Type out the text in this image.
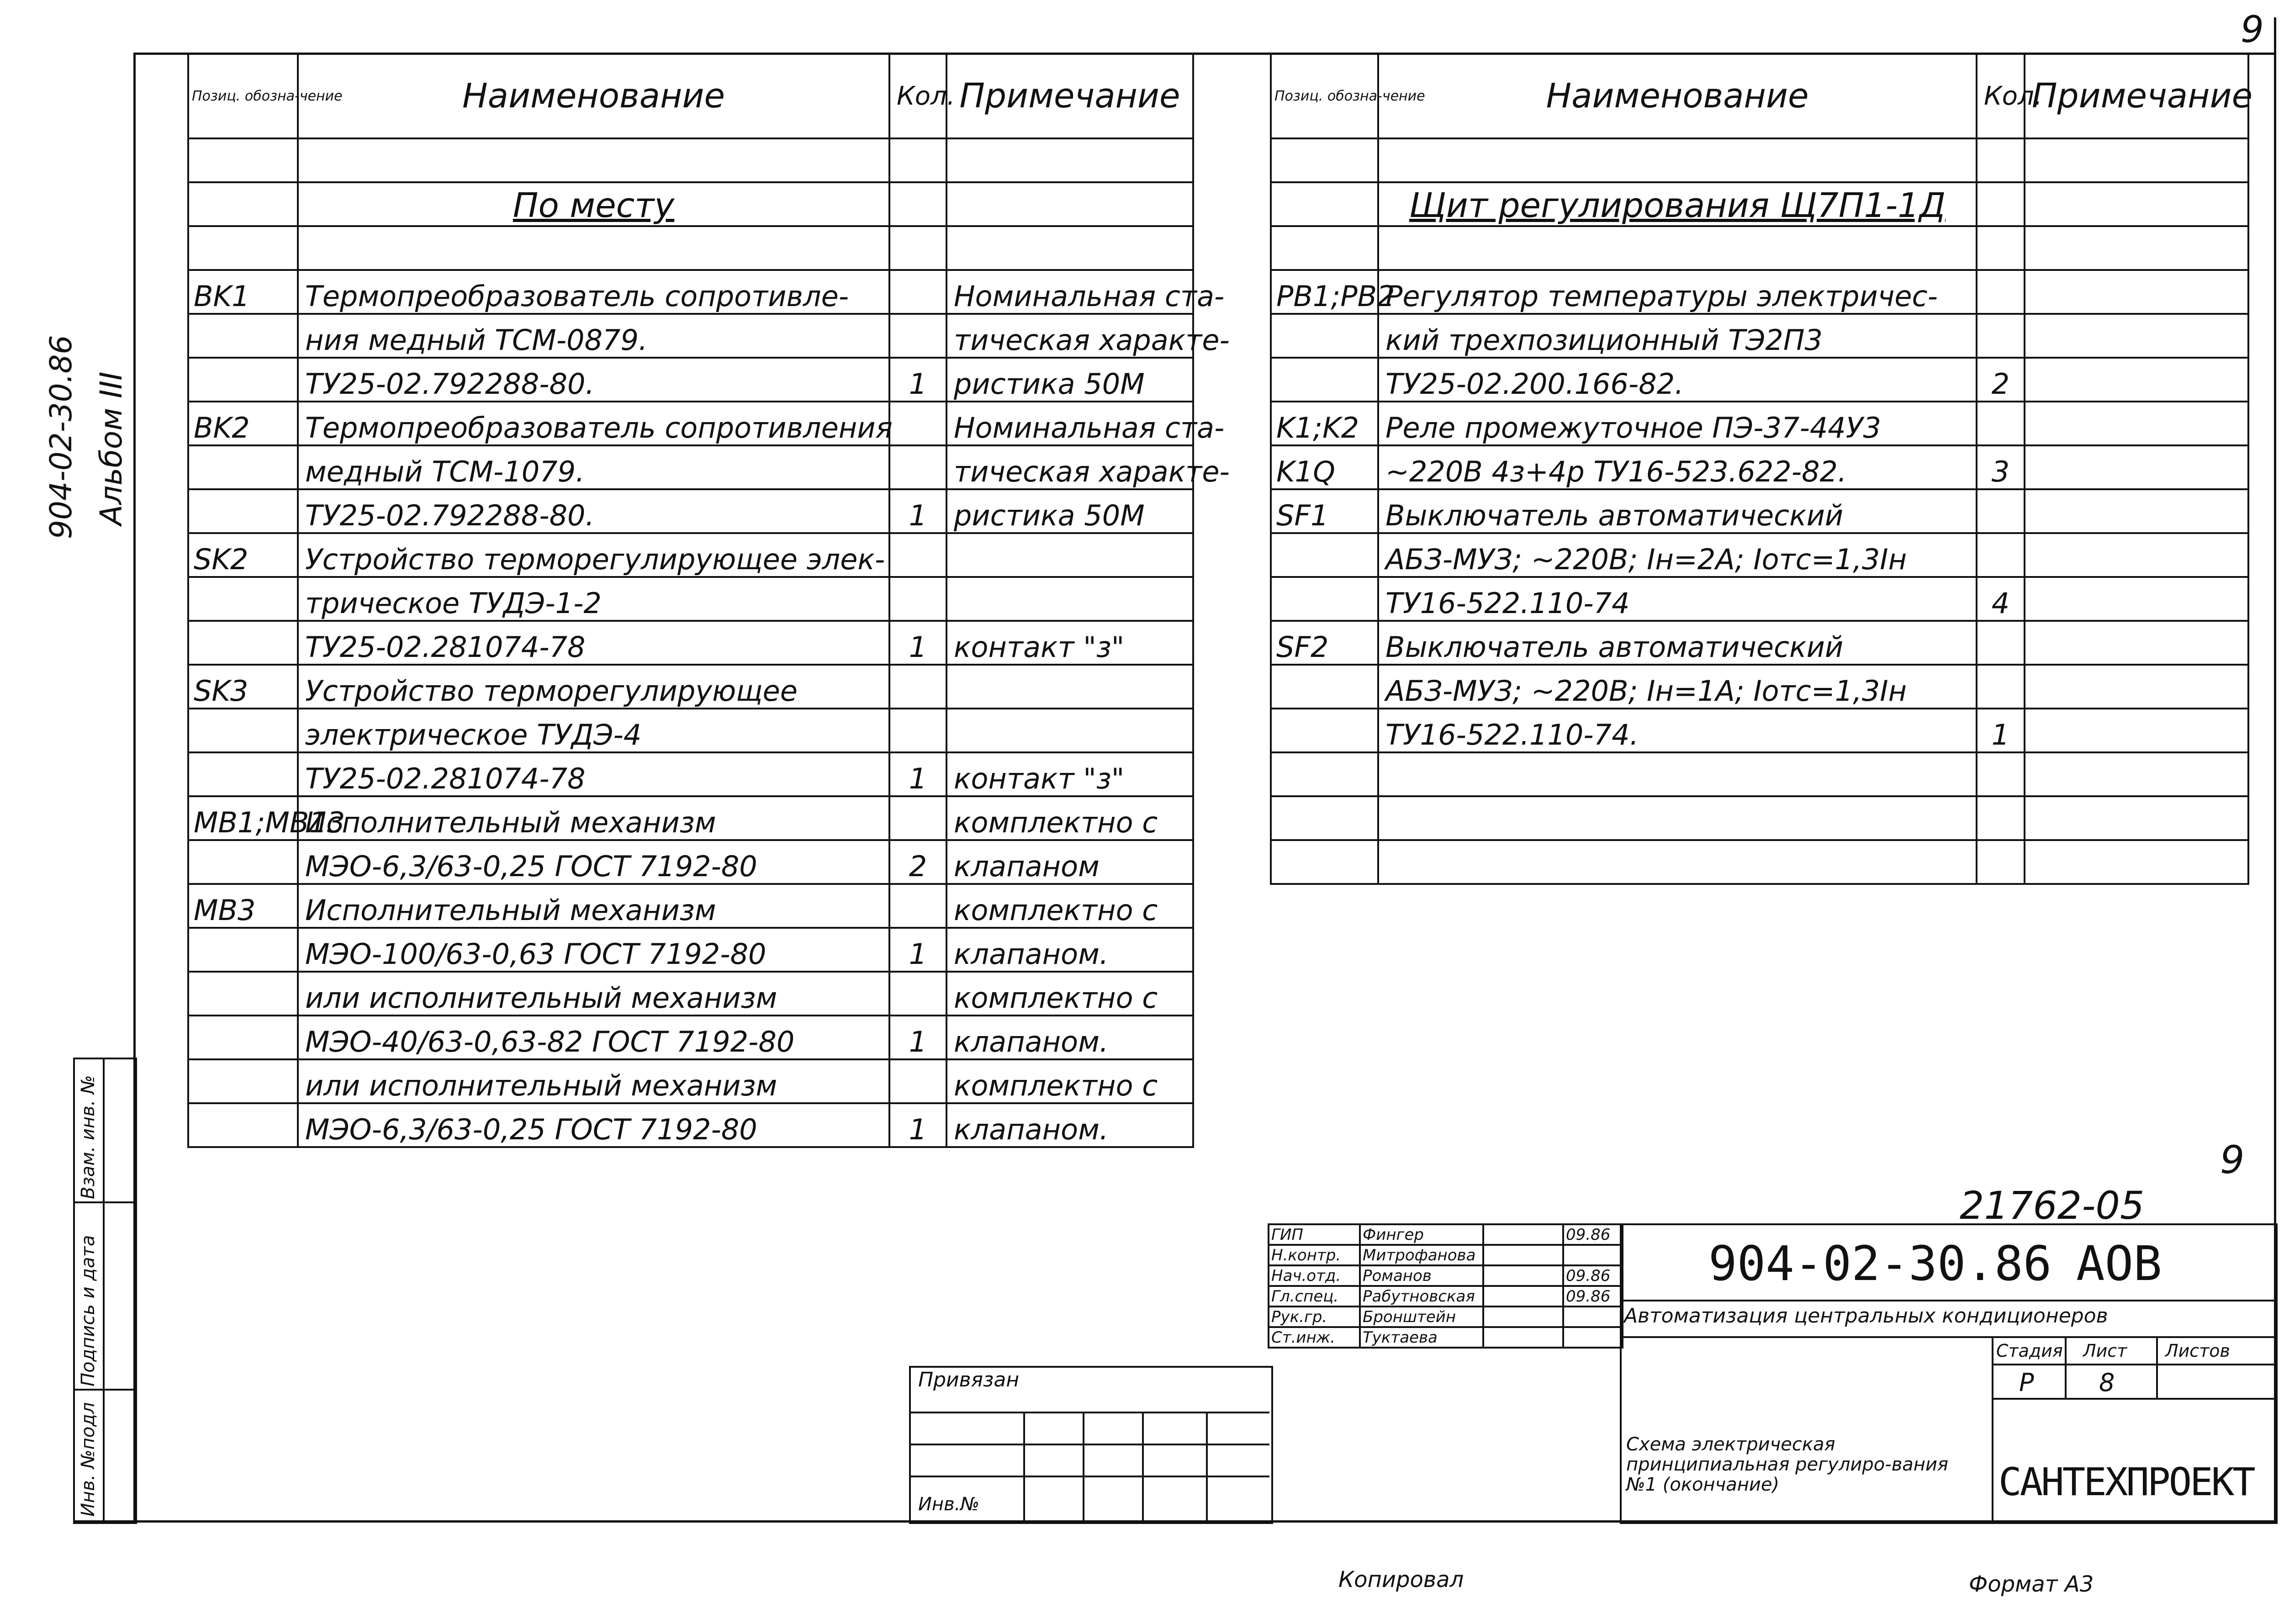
9
904-02-30.86 Альбом III
Инв. №подл
Подпись и дата
Взам. инв. №
Позиц. обозна-чение	Наименование	Кол.	Примечание

	По месту		

BK1	Термопреобразователь сопротивле-		Номинальная ста-
	ния медный ТСМ-0879.		тическая характе-
	ТУ25-02.792288-80.	1	ристика 50М
BK2	Термопреобразователь сопротивления		Номинальная ста-
	медный ТСМ-1079.		тическая характе-
	ТУ25-02.792288-80.	1	ристика 50М
SK2	Устройство терморегулирующее элек-		
	трическое ТУДЭ-1-2		
	ТУ25-02.281074-78	1	контакт "з"
SK3	Устройство терморегулирующее		
	электрическое ТУДЭ-4		
	ТУ25-02.281074-78	1	контакт "з"
MB1;MB13	Исполнительный механизм		комплектно с
	МЭО-6,3/63-0,25 ГОСТ 7192-80	2	клапаном
MB3	Исполнительный механизм		комплектно с
	МЭО-100/63-0,63 ГОСТ 7192-80	1	клапаном.
	или исполнительный механизм		комплектно с
	МЭО-40/63-0,63-82 ГОСТ 7192-80	1	клапаном.
	или исполнительный механизм		комплектно с
	МЭО-6,3/63-0,25 ГОСТ 7192-80	1	клапаном.
Позиц. обозна-чение	Наименование	Кол.	Примечание

	Щит регулирования Щ7П1-1Д		

PB1;PB2	Регулятор температуры электричес-		
	кий трехпозиционный ТЭ2П3		
	ТУ25-02.200.166-82.	2	
K1;K2	Реле промежуточное ПЭ-37-44У3		
K1Q	~220В 4з+4р ТУ16-523.622-82.	3	
SF1	Выключатель автоматический		
	АБЗ-МУЗ; ~220В; Iн=2А; Iотс=1,3Iн		
	ТУ16-522.110-74	4	
SF2	Выключатель автоматический		
	АБЗ-МУЗ; ~220В; Iн=1А; Iотс=1,3Iн		
	ТУ16-522.110-74.	1	

9
21762-05
ГИП	Фингер		09.86
Н.контр.	Митрофанова		
Нач.отд.	Романов		09.86
Гл.спец.	Рабутновская		09.86
Рук.гр.	Бронштейн		
Ст.инж.	Туктаева		
904-02-30.86 АОВ
Автоматизация центральных кондиционеров
Стадия Лист Листов
Р	8
Схема электрическая принципиальная регулиро-вания №1 (окончание)	САНТЕХПРОЕКТ
Привязан
Инв.№
Копировал	Формат А3
